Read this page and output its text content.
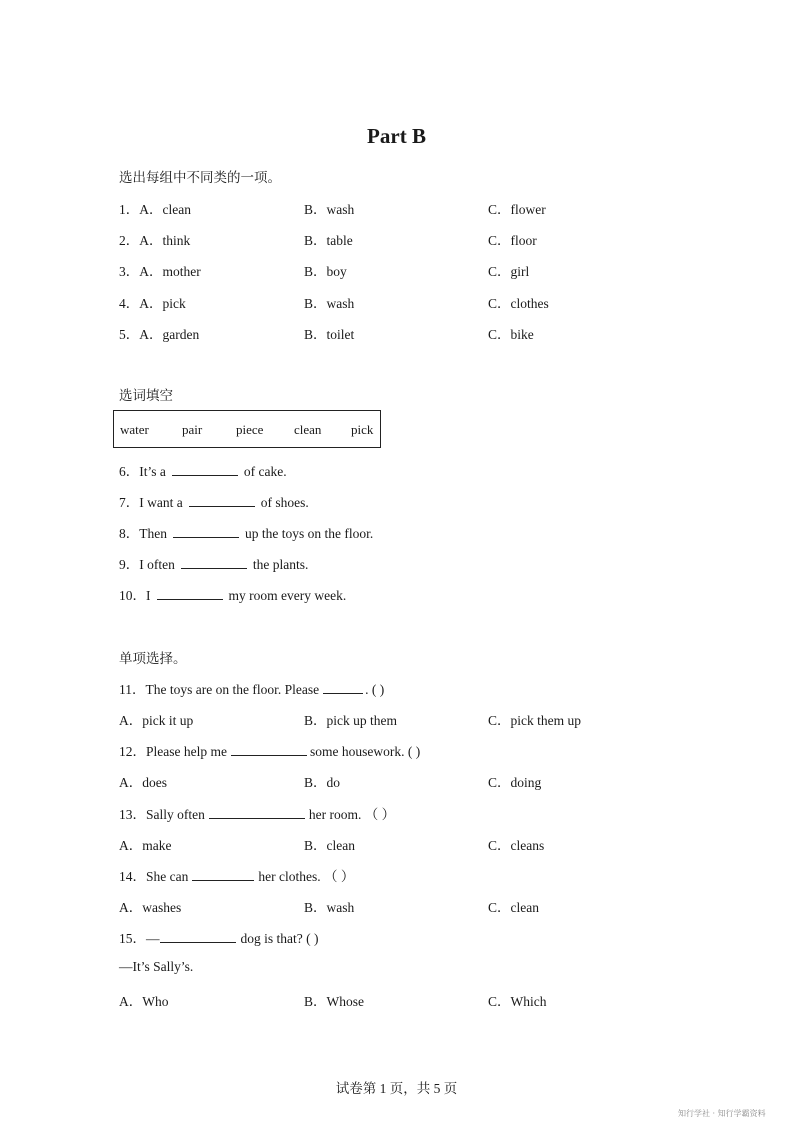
Part B
选出每组中不同类的一项。
1．A．clean	B．wash	C．flower
2．A．think	B．table	C．floor
3．A．mother	B．boy	C．girl
4．A．pick	B．wash	C．clothes
5．A．garden	B．toilet	C．bike
选词填空
water	pair	piece clean pick
6．It’s a	of cake.
7．I want a	of shoes.
8．Then	up the toys on the floor.
9．I often	the plants.
10．I	my room every week.
单项选择。
11．The toys are on the floor. Please	. ( )
A．pick it up	B．pick up them	C．pick them up
12．Please help me	some housework. ( )
A．does	B．do	C．doing
13．Sally often	her room. （ ）
A．make	B．clean	C．cleans
14．She can	her clothes. （ ）
A．washes	B．wash	C．clean
15．—	dog is that? ( )
—It’s Sally’s.
A．Who	B．Whose	C．Which
试卷第 1 页，共 5 页
知行学社 · 知行学霸资料
